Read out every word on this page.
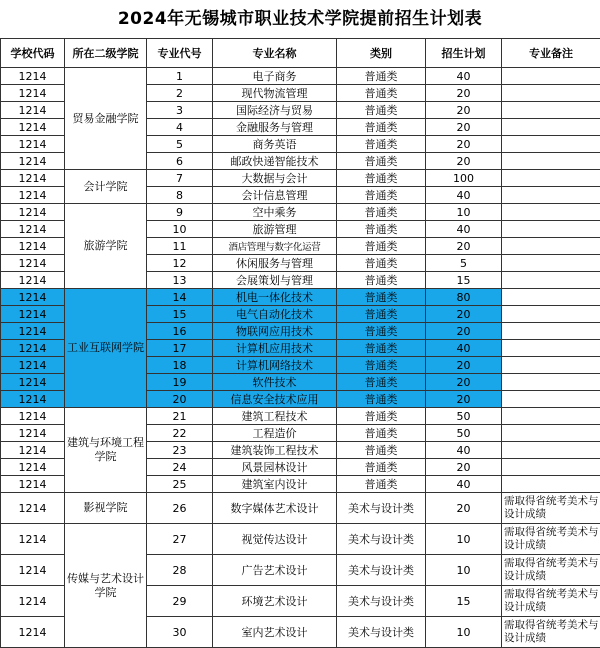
2024年无锡城市职业技术学院提前招生计划表
学校代码	所在二级学院	专业代号	专业名称	类别	招生计划	专业备注
1214	贸易金融学院	1	电子商务	普通类	40	
1214		2	现代物流管理	普通类	20	
1214		3	国际经济与贸易	普通类	20	
1214		4	金融服务与管理	普通类	20	
1214		5	商务英语	普通类	20	
1214		6	邮政快递智能技术	普通类	20	
1214	会计学院	7	大数据与会计	普通类	100	
1214		8	会计信息管理	普通类	40	
1214	旅游学院	9	空中乘务	普通类	10	
1214		10	旅游管理	普通类	40	
1214		11	酒店管理与数字化运营	普通类	20	
1214		12	休闲服务与管理	普通类	5	
1214		13	会展策划与管理	普通类	15	
1214	工业互联网学院	14	机电一体化技术	普通类	80	
1214		15	电气自动化技术	普通类	20	
1214		16	物联网应用技术	普通类	20	
1214		17	计算机应用技术	普通类	40	
1214		18	计算机网络技术	普通类	20	
1214		19	软件技术	普通类	20	
1214		20	信息安全技术应用	普通类	20	
1214	建筑与环境工程学院	21	建筑工程技术	普通类	50	
1214		22	工程造价	普通类	50	
1214		23	建筑装饰工程技术	普通类	40	
1214		24	风景园林设计	普通类	20	
1214		25	建筑室内设计	普通类	40	
1214	影视学院	26	数字媒体艺术设计	美术与设计类	20	需取得省统考美术与设计成绩
1214	传媒与艺术设计学院	27	视觉传达设计	美术与设计类	10	需取得省统考美术与设计成绩
1214		28	广告艺术设计	美术与设计类	10	需取得省统考美术与设计成绩
1214		29	环境艺术设计	美术与设计类	15	需取得省统考美术与设计成绩
1214		30	室内艺术设计	美术与设计类	10	需取得省统考美术与设计成绩
